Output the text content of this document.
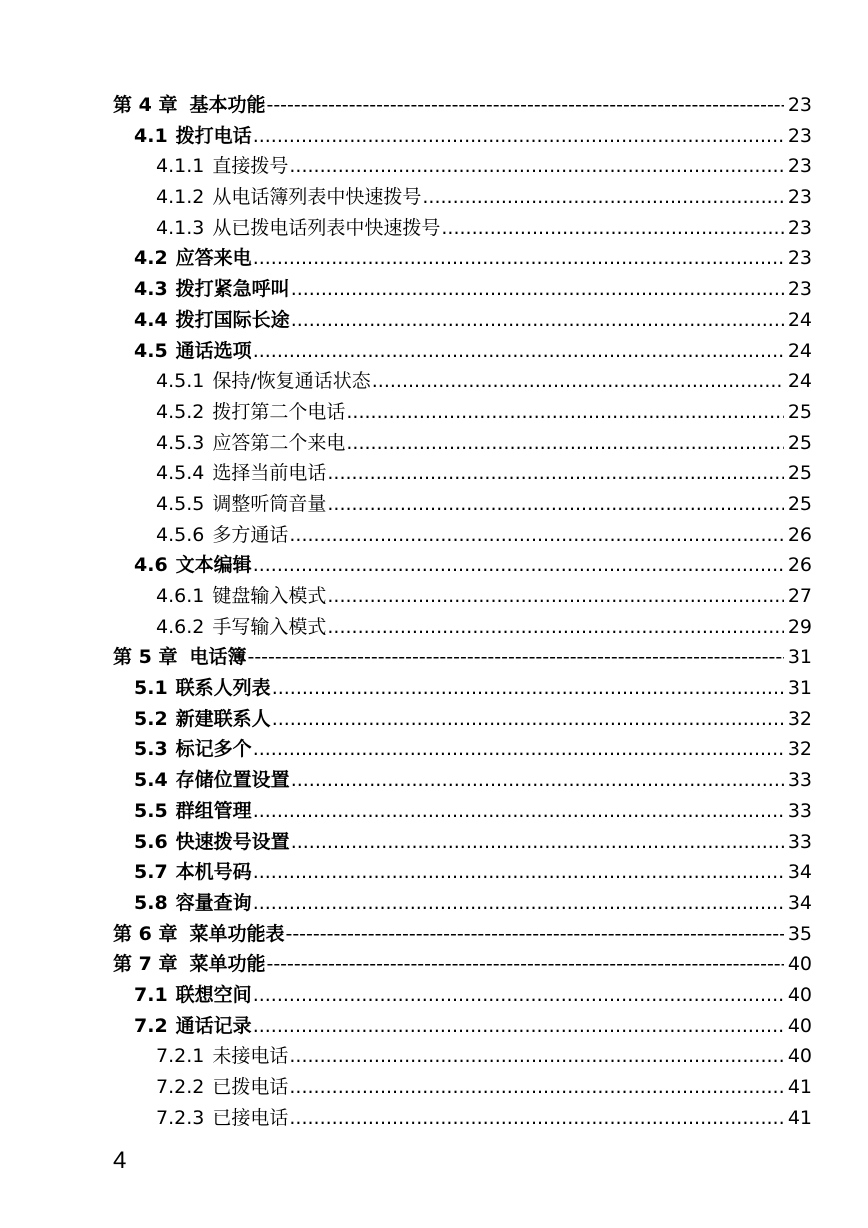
第 4 章 基本功能 -----	23
4.1 拨打电话 .....	23
4.1.1 直接拨号 .....	23
4.1.2 从电话簿列表中快速拨号 .....	23
4.1.3 从已拨电话列表中快速拨号 .....	23
4.2 应答来电 .....	23
4.3 拨打紧急呼叫 .....	23
4.4 拨打国际长途 .....	24
4.5 通话选项 .....	24
4.5.1 保持/恢复通话状态 .....	24
4.5.2 拨打第二个电话 .....	25
4.5.3 应答第二个来电 .....	25
4.5.4 选择当前电话 .....	25
4.5.5 调整听筒音量 .....	25
4.5.6 多方通话 .....	26
4.6 文本编辑 .....	26
4.6.1 键盘输入模式 .....	27
4.6.2 手写输入模式 .....	29
第 5 章 电话簿 -----	31
5.1 联系人列表 .....	31
5.2 新建联系人 .....	32
5.3 标记多个 .....	32
5.4 存储位置设置 .....	33
5.5 群组管理 .....	33
5.6 快速拨号设置 .....	33
5.7 本机号码 .....	34
5.8 容量查询 .....	34
第 6 章 菜单功能表 -----	35
第 7 章 菜单功能 -----	40
7.1 联想空间 .....	40
7.2 通话记录 .....	40
7.2.1 未接电话 .....	40
7.2.2 已拨电话 .....	41
7.2.3 已接电话 .....	41
4
